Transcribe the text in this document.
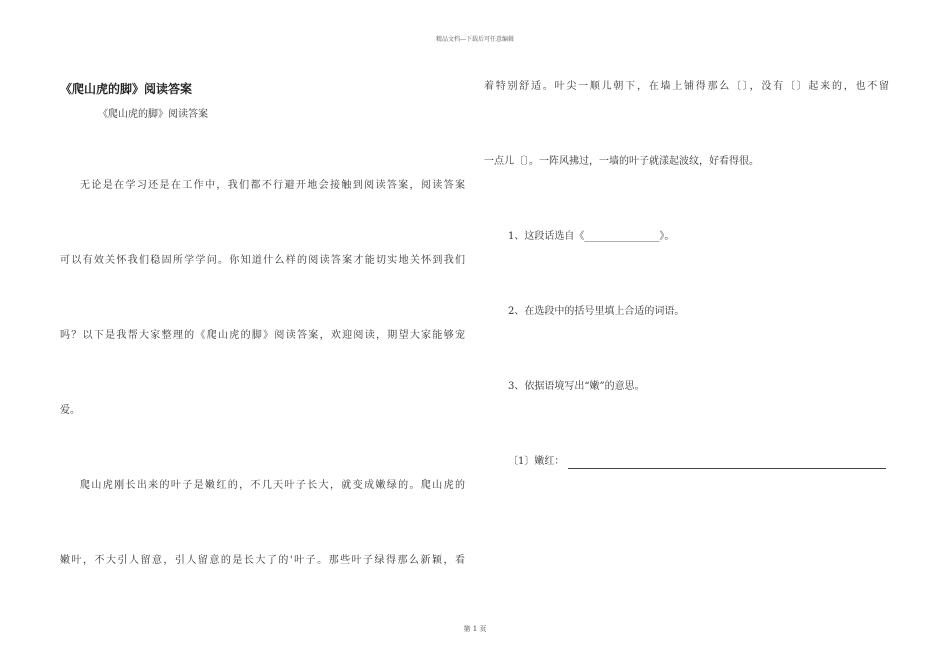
精品文档---下载后可任意编辑
《爬山虎的脚》阅读答案
《爬山虎的脚》阅读答案
无论是在学习还是在工作中，我们都不行避开地会接触到阅读答案，阅读答案
可以有效关怀我们稳固所学学问。你知道什么样的阅读答案才能切实地关怀到我们
吗？以下是我帮大家整理的《爬山虎的脚》阅读答案，欢迎阅读，期望大家能够宠
爱。
爬山虎刚长出来的叶子是嫩红的，不几天叶子长大，就变成嫩绿的。爬山虎的
嫩叶，不大引人留意，引人留意的是长大了的'叶子。那些叶子绿得那么新颖，看
着特别舒适。叶尖一顺儿朝下，在墙上铺得那么〔〕，没有〔〕起来的，也不留
一点儿〔〕。一阵风拂过，一墙的叶子就漾起波纹，好看得很。
1、这段话选自《_______________》。
2、在选段中的括号里填上合适的词语。
3、依据语境写出“嫩”的意思。
〔1〕嫩红：
第 1 页
